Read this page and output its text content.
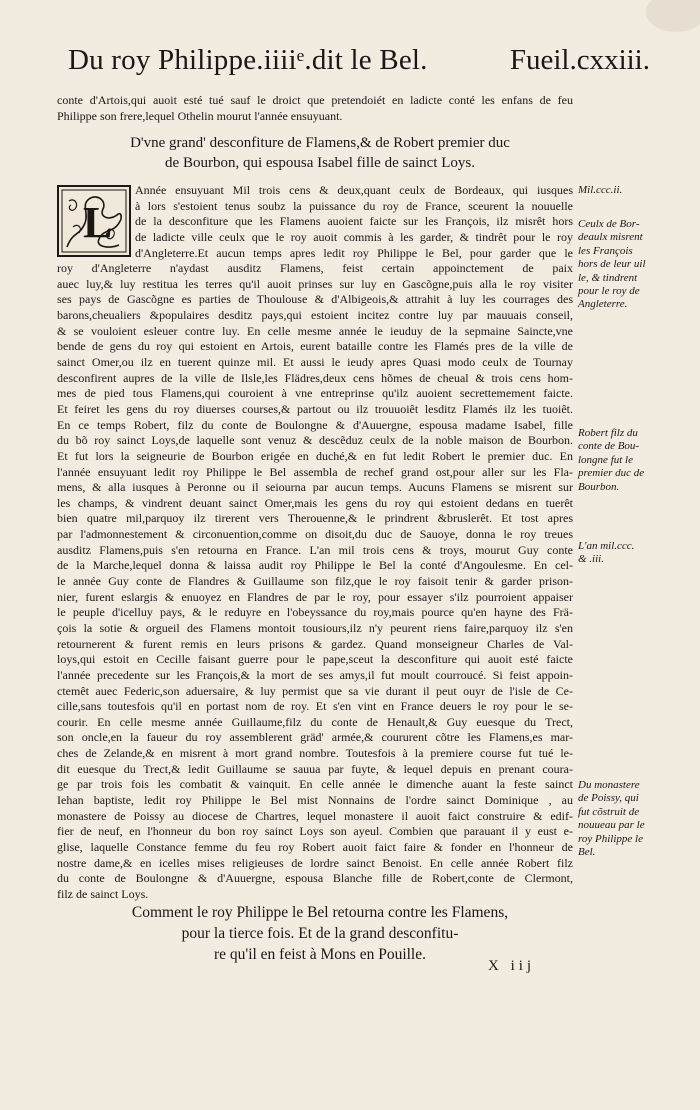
Du roy Philippe.iiiiᵉ.dit le Bel.	Fueil.cxxiii.
conte d'Artois,qui auoit esté tué sauf le droict que pretendoiét en ladicte conté les enfans de feu
Philippe son frere,lequel Othelin mourut l'année ensuyuant.
D'vne grand' desconfiture de Flamens,& de Robert premier duc
de Bourbon, qui espousa Isabel fille de sainct Loys.
L
Année ensuyuant Mil trois cens & deux,quant ceulx de Bordeaux, qui iusques
à lors s'estoient tenus soubz la puissance du roy de France, sceurent la nouuelle
de la desconfiture que les Flamens auoient faicte sur les François, ilz misrêt hors
de ladicte ville ceulx que le roy auoit commis à les garder, & tindrêt pour le roy
d'Angleterre.Et aucun temps apres ledit roy Philippe le Bel, pour garder que le
roy d'Angleterre n'aydast ausditz Flamens, feist certain appoinctement de paix
auec luy,& luy restitua les terres qu'il auoit prinses sur luy en Gascõgne,puis alla le roy visiter
ses pays de Gascõgne es parties de Thoulouse & d'Albigeois,& attrahit à luy les courrages des
barons,cheualiers &populaires desditz pays,qui estoient incitez contre luy par mauuais conseil,
& se vouloient esleuer contre luy. En celle mesme année le ieuduy de la sepmaine Saincte,vne
bende de gens du roy qui estoient en Artois, eurent bataille contre les Flamés pres de la ville de
sainct Omer,ou ilz en tuerent quinze mil. Et aussi le ieudy apres Quasi modo ceulx de Tournay
desconfirent aupres de la ville de Ilsle,les Flädres,deux cens hõmes de cheual & trois cens hom-
mes de pied tous Flamens,qui couroient à vne entreprinse qu'ilz auoient secrettemement faicte.
Et feiret les gens du roy diuerses courses,& partout ou ilz trouuoiêt lesditz Flamés ilz les tuoiêt.
En ce temps Robert, filz du conte de Boulongne & d'Auuergne, espousa madame Isabel, fille
du bõ roy sainct Loys,de laquelle sont venuz & descẽduz ceulx de la noble maison de Bourbon.
Et fut lors la seigneurie de Bourbon erigée en duché,& en fut ledit Robert le premier duc. En
l'année ensuyuant ledit roy Philippe le Bel assembla de rechef grand ost,pour aller sur les Fla-
mens, & alla iusques à Peronne ou il seiourna par aucun temps. Aucuns Flamens se misrent sur
les champs, & vindrent deuant sainct Omer,mais les gens du roy qui estoient dedans en tuerêt
bien quatre mil,parquoy ilz tirerent vers Therouenne,& le prindrent &bruslerêt. Et tost apres
par l'admonnestement & circonuention,comme on disoit,du duc de Sauoye, donna le roy treues
ausditz Flamens,puis s'en retourna en France. L'an mil trois cens & troys, mourut Guy conte
de la Marche,lequel donna & laissa audit roy Philippe le Bel la conté d'Angoulesme. En cel-
le année Guy conte de Flandres & Guillaume son filz,que le roy faisoit tenir & garder prison-
nier, furent eslargis & enuoyez en Flandres de par le roy, pour essayer s'ilz pourroient appaiser
le peuple d'icelluy pays, & le reduyre en l'obeyssance du roy,mais pource qu'en hayne des Frä-
çois la sotie & orgueil des Flamens montoit tousiours,ilz n'y peurent riens faire,parquoy ilz s'en
retournerent & furent remis en leurs prisons & gardez. Quand monseigneur Charles de Val-
loys,qui estoit en Cecille faisant guerre pour le pape,sceut la desconfiture qui auoit esté faicte
l'année precedente sur les François,& la mort de ses amys,il fut moult courroucé. Si feist appoin-
ctemêt auec Federic,son aduersaire, & luy permist que sa vie durant il peut ouyr de l'isle de Ce-
cille,sans toutesfois qu'il en portast nom de roy. Et s'en vint en France deuers le roy pour le se-
courir. En celle mesme année Guillaume,filz du conte de Henault,& Guy euesque du Trect,
son oncle,en la faueur du roy assemblerent gräd' armée,& coururent cõtre les Flamens,es mar-
ches de Zelande,& en misrent à mort grand nombre. Toutesfois à la premiere course fut tué le-
dit euesque du Trect,& ledit Guillaume se sauua par fuyte, & lequel depuis en prenant coura-
ge par trois fois les combatit & vainquit. En celle année le dimenche auant la feste sainct
Iehan baptiste, ledit roy Philippe le Bel mist Nonnains de l'ordre sainct Dominique , au
monastere de Poissy au diocese de Chartres, lequel monastere il auoit faict construire & edif-
fier de neuf, en l'honneur du bon roy sainct Loys son ayeul. Combien que parauant il y eust e-
glise, laquelle Constance femme du feu roy Robert auoit faict faire & fonder en l'honneur de
nostre dame,& en icelles mises religieuses de lordre sainct Benoist. En celle année Robert filz
du conte de Boulongne & d'Auuergne, espousa Blanche fille de Robert,conte de Clermont,
filz de sainct Loys.
Mil.ccc.ii.
Ceulx de Bor-
deaulx misrent
les François
hors de leur uil
le, & tindrent
pour le roy de
Angleterre.
Robert filz du
conte de Bou-
longne fut le
premier duc de
Bourbon.
L'an mil.ccc.
& .iii.
Du monastere
de Poissy, qui
fut cõstruit de
nouueau par le
roy Philippe le
Bel.
Comment le roy Philippe le Bel retourna contre les Flamens,
pour la tierce fois. Et de la grand desconfitu-
re qu'il en feist à Mons en Pouille.
X iij
